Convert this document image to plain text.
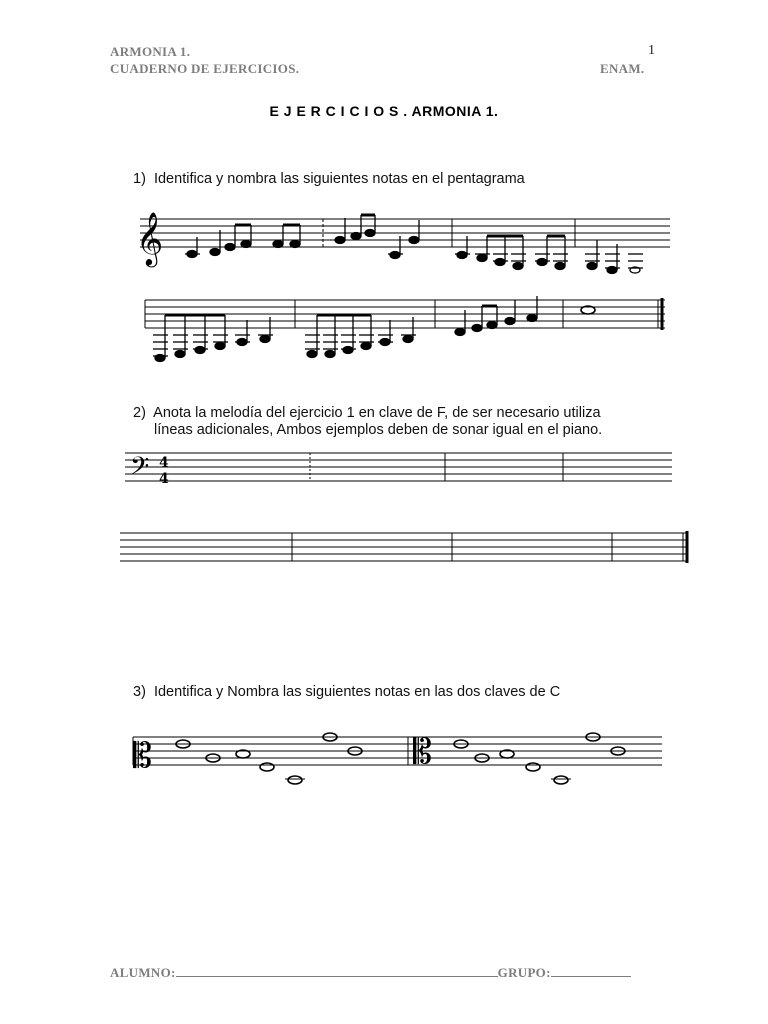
ARMONIA 1.
CUADERNO DE EJERCICIOS.	ENAM.
1
E J E R C I C I O S . ARMONIA 1.
1) Identifica y nombra las siguientes notas en el pentagrama
𝄞
2) Anota la melodía del ejercicio 1 en clave de F, de ser necesario utiliza
líneas adicionales, Ambos ejemplos deben de sonar igual en el piano.
𝄢 4
4
3) Identifica y Nombra las siguientes notas en las dos claves de C
𝄡	𝄡
ALUMNO:	GRUPO:
